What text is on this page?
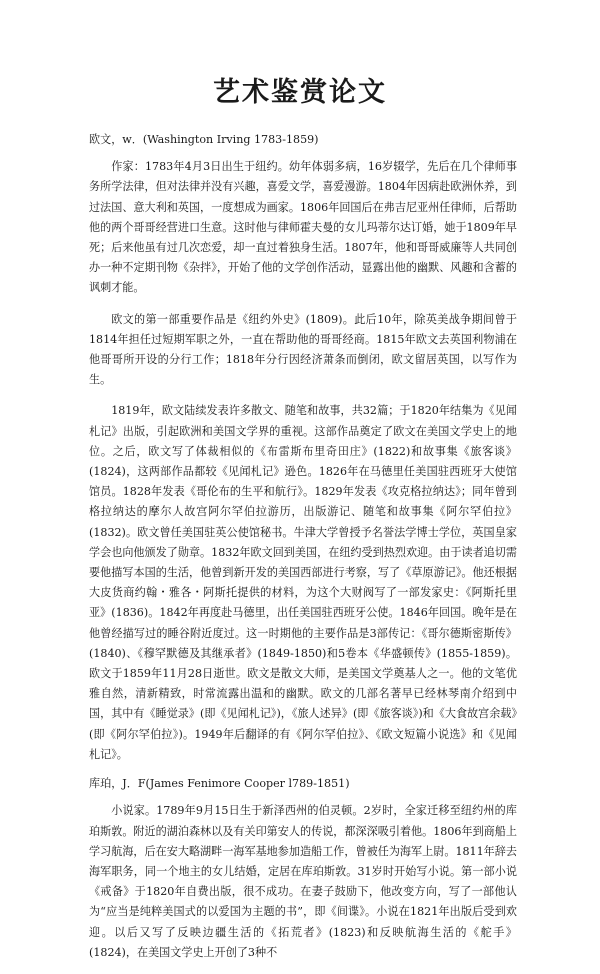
艺术鉴赏论文
欧文，w．(Washington Irving 1783-1859)

作家：1783年4月3日出生于纽约。幼年体弱多病，16岁辍学，先后在几个律师事务所学法律，但对法律并没有兴趣，喜爱文学，喜爱漫游。1804年因病赴欧洲休养，到过法国、意大利和英国，一度想成为画家。1806年回国后在弗吉尼亚州任律师，后帮助他的两个哥哥经营进口生意。这时他与律师霍夫曼的女儿玛蒂尔达订婚，她于1809年早死；后来他虽有过几次恋爱，却一直过着独身生活。1807年，他和哥哥威廉等人共同创办一种不定期刊物《杂拌》，开始了他的文学创作活动，显露出他的幽默、风趣和含蓄的讽刺才能。

欧文的第一部重要作品是《纽约外史》(1809)。此后10年，除英美战争期间曾于1814年担任过短期军职之外，一直在帮助他的哥哥经商。1815年欧文去英国利物浦在他哥哥所开设的分行工作；1818年分行因经济萧条而倒闭，欧文留居英国，以写作为生。

1819年，欧文陆续发表许多散文、随笔和故事，共32篇；于1820年结集为《见闻札记》出版，引起欧洲和美国文学界的重视。这部作品奠定了欧文在美国文学史上的地位。之后，欧文写了体裁相似的《布雷斯布里奇田庄》(1822)和故事集《旅客谈》(1824)，这两部作品都较《见闻札记》逊色。1826年在马德里任美国驻西班牙大使馆馆员。1828年发表《哥伦布的生平和航行》。1829年发表《攻克格拉纳达》；同年曾到格拉纳达的摩尔人故宫阿尔罕伯拉游历，出版游记、随笔和故事集《阿尔罕伯拉》(1832)。欧文曾任美国驻英公使馆秘书。牛津大学曾授予名誉法学博士学位，英国皇家学会也向他颁发了勋章。1832年欧文回到美国，在纽约受到热烈欢迎。由于读者追切需要他描写本国的生活，他曾到新开发的美国西部进行考察，写了《草原游记》。他还根据大皮货商约翰・雅各・阿斯托提供的材料，为这个大财阀写了一部发家史：《阿斯托里亚》(1836)。1842年再度赴马德里，出任美国驻西班牙公使。1846年回国。晚年是在他曾经描写过的睡谷附近度过。这一时期他的主要作品是3部传记：《哥尔德斯密斯传》(1840)、《穆罕默德及其继承者》(1849-1850)和5卷本《华盛顿传》(1855-1859)。欧文于1859年11月28日逝世。欧文是散文大师，是美国文学奠基人之一。他的文笔优雅自然，清新精致，时常流露出温和的幽默。欧文的几部名著早已经林琴南介绍到中国，其中有《睡觉录》(即《见闻札记》)，《旅人述异》(即《旅客谈》)和《大食故宫余载》(即《阿尔罕伯拉》)。1949年后翻译的有《阿尔罕伯拉》、《欧文短篇小说选》和《见闻札记》。

库珀，J．F(James Fenimore Cooper l789-1851)

小说家。1789年9月15日生于新泽西州的伯灵顿。2岁时，全家迁移至纽约州的库珀斯敦。附近的湖泊森林以及有关印第安人的传说，都深深吸引着他。1806年到商船上学习航海，后在安大略湖畔一海军基地参加造船工作，曾被任为海军上尉。1811年辞去海军职务，同一个地主的女儿结婚，定居在库珀斯敦。31岁时开始写小说。第一部小说《戒备》于1820年自费出版，很不成功。在妻子鼓励下，他改变方向，写了一部他认为“应当是纯粹美国式的以爱国为主题的书”，即《间谍》。小说在1821年出版后受到欢迎。以后又写了反映边疆生活的《拓荒者》(1823)和反映航海生活的《舵手》(1824)，在美国文学史上开创了3种不
